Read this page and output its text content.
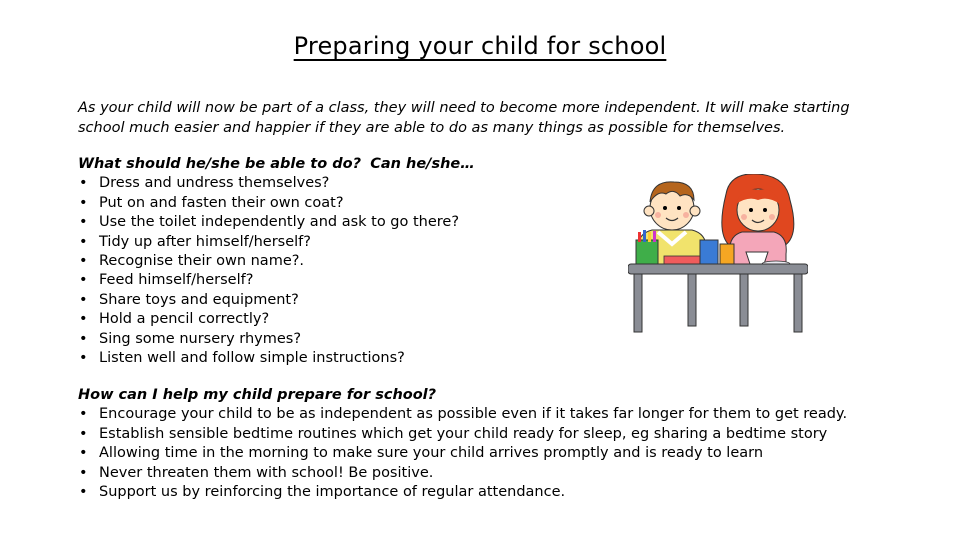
Preparing your child for school
As your child will now be part of a class, they will need to become more independent. It will make starting school much easier and happier if they are able to do as many things as possible for themselves.
What should he/she be able to do? Can he/she…
• Dress and undress themselves?
• Put on and fasten their own coat?
• Use the toilet independently and ask to go there?
• Tidy up after himself/herself?
• Recognise their own name?.
• Feed himself/herself?
• Share toys and equipment?
• Hold a pencil correctly?
• Sing some nursery rhymes?
• Listen well and follow simple instructions?
How can I help my child prepare for school?
• Encourage your child to be as independent as possible even if it takes far longer for them to get ready.
• Establish sensible bedtime routines which get your child ready for sleep, eg sharing a bedtime story
• Allowing time in the morning to make sure your child arrives promptly and is ready to learn
• Never threaten them with school! Be positive.
• Support us by reinforcing the importance of regular attendance.
